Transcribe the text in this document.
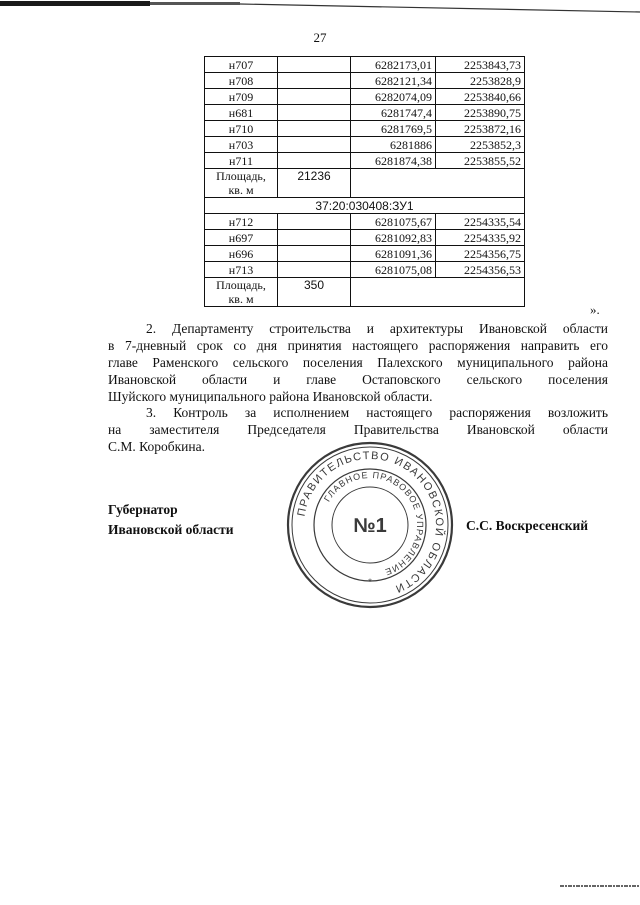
27
н707		6282173,01	2253843,73
н708		6282121,34	2253828,9
н709		6282074,09	2253840,66
н681		6281747,4	2253890,75
н710		6281769,5	2253872,16
н703		6281886	2253852,3
н711		6281874,38	2253855,52
Площадь,
кв. м	21236		
37:20:030408:ЗУ1			
н712		6281075,67	2254335,54
н697		6281092,83	2254335,92
н696		6281091,36	2254356,75
н713		6281075,08	2254356,53
Площадь,
кв. м	350		
».
2. Департаменту строительства и архитектуры Ивановской области
в 7-дневный срок со дня принятия настоящего распоряжения направить его
главе Раменского сельского поселения Палехского муниципального района
Ивановской области и главе Остаповского сельского поселения
Шуйского муниципального района Ивановской области.
3. Контроль за исполнением настоящего распоряжения возложить
на заместителя Председателя Правительства Ивановской области
С.М. Коробкина.
Губернатор
Ивановской области
ПРАВИТЕЛЬСТВО ИВАНОВСКОЙ ОБЛАСТИ
ГЛАВНОЕ ПРАВОВОЕ УПРАВЛЕНИЕ
№1
*
С.С. Воскресенский
